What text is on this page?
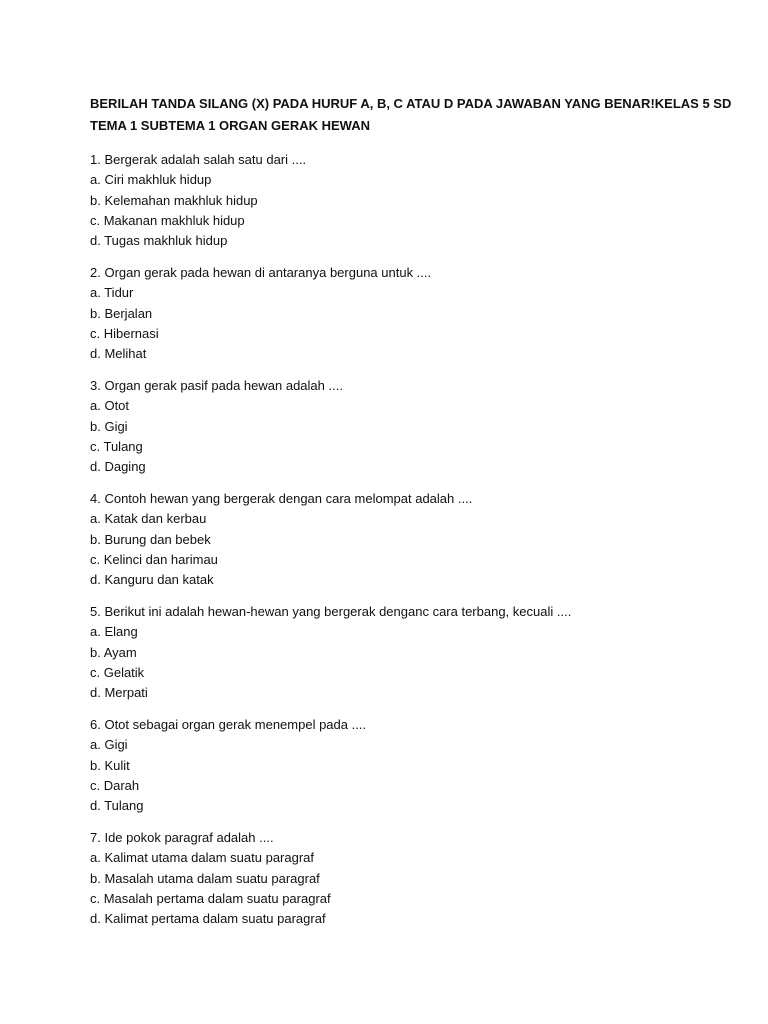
BERILAH TANDA SILANG (X) PADA HURUF A, B, C ATAU D PADA JAWABAN YANG BENAR!KELAS 5 SD
TEMA 1 SUBTEMA 1 ORGAN GERAK HEWAN
1. Bergerak adalah salah satu dari ....
a. Ciri makhluk hidup
b. Kelemahan makhluk hidup
c. Makanan makhluk hidup
d. Tugas makhluk hidup
2. Organ gerak pada hewan di antaranya berguna untuk ....
a. Tidur
b. Berjalan
c. Hibernasi
d. Melihat
3. Organ gerak pasif pada hewan adalah ....
a. Otot
b. Gigi
c. Tulang
d. Daging
4. Contoh hewan yang bergerak dengan cara melompat adalah ....
a. Katak dan kerbau
b. Burung dan bebek
c. Kelinci dan harimau
d. Kanguru dan katak
5. Berikut ini adalah hewan-hewan yang bergerak denganc cara terbang, kecuali ....
a. Elang
b. Ayam
c. Gelatik
d. Merpati
6. Otot sebagai organ gerak menempel pada ....
a. Gigi
b. Kulit
c. Darah
d. Tulang
7. Ide pokok paragraf adalah ....
a. Kalimat utama dalam suatu paragraf
b. Masalah utama dalam suatu paragraf
c. Masalah pertama dalam suatu paragraf
d. Kalimat pertama dalam suatu paragraf
